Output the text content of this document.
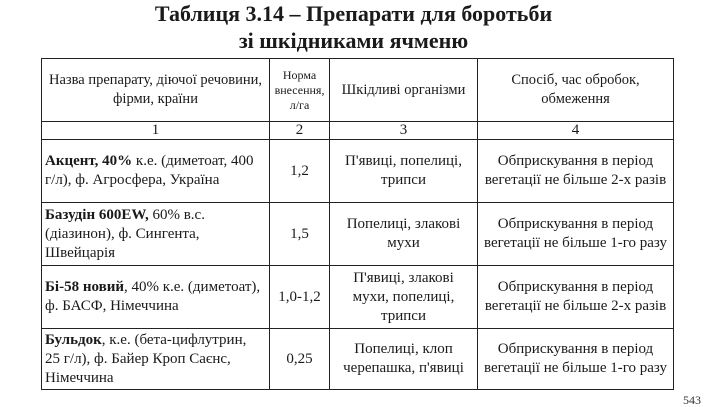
Таблиця 3.14 – Препарати для боротьби
зі шкідниками ячменю
Назва препарату, діючої речовини, фірми, країни	Норма внесення, л/га	Шкідливі організми	Спосіб, час обробок, обмеження
1	2	3	4
Акцент, 40% к.е. (диметоат, 400 г/л), ф. Агросфера, Україна	1,2	П'явиці, попелиці, трипси	Обприскування в період вегетації не більше 2-х разів
Базудін 600EW, 60% в.с. (діазинон), ф. Сингента, Швейцарія	1,5	Попелиці, злакові мухи	Обприскування в період вегетації не більше 1-го разу
Бі-58 новий, 40% к.е. (диметоат), ф. БАСФ, Німеччина	1,0-1,2	П'явиці, злакові мухи, попелиці, трипси	Обприскування в період вегетації не більше 2-х разів
Бульдок, к.е. (бета-цифлутрин, 25 г/л), ф. Байер Кроп Саєнс, Німеччина	0,25	Попелиці, клоп черепашка, п'явиці	Обприскування в період вегетації не більше 1-го разу
543
